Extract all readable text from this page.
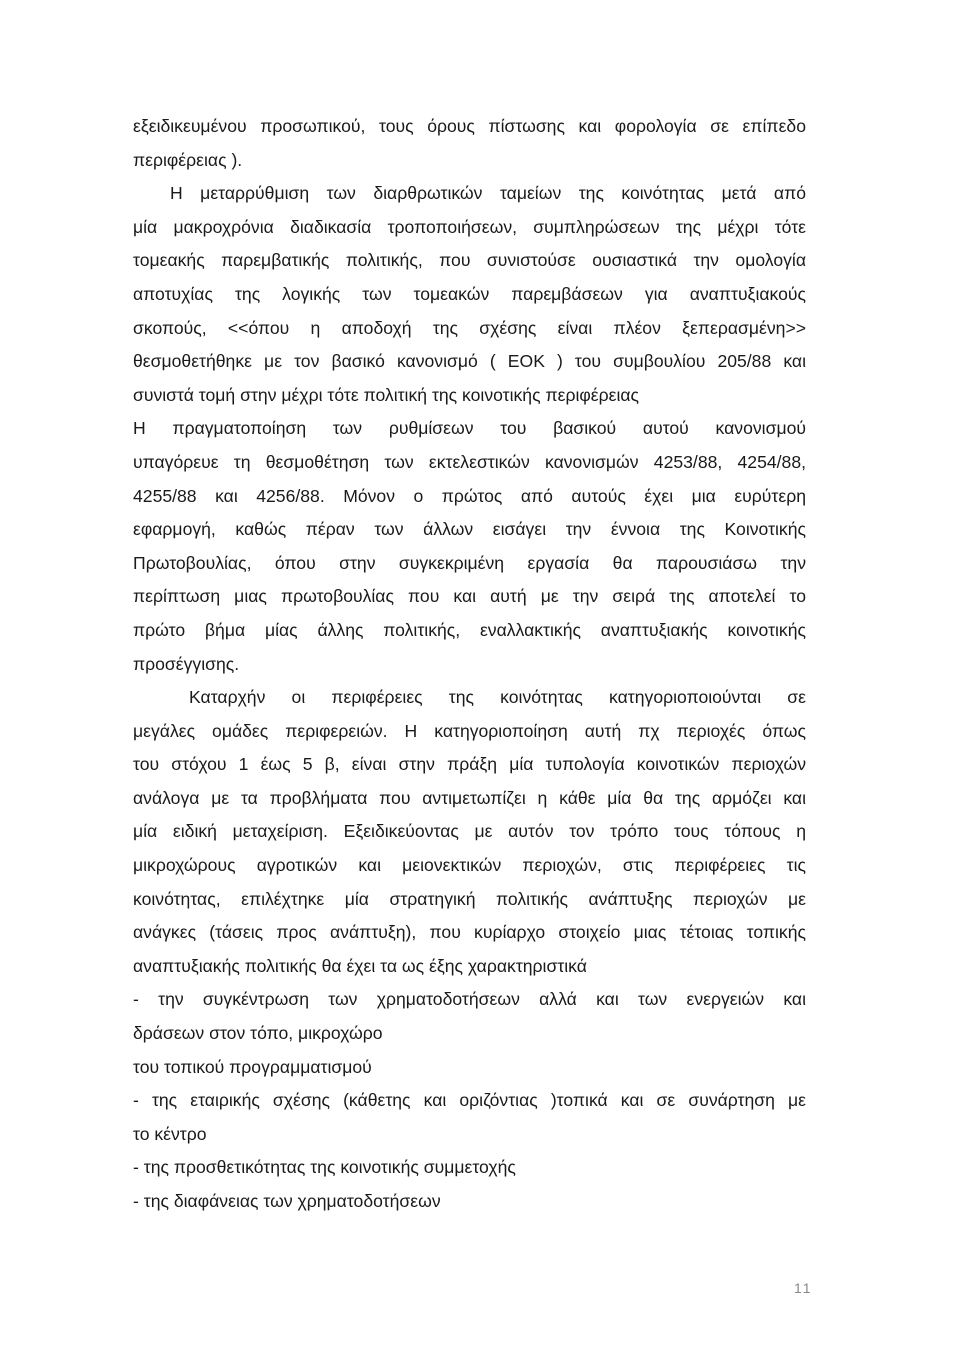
εξειδικευμένου προσωπικού, τους όρους πίστωσης και φορολογία σε επίπεδο
περιφέρειας ).
Η μεταρρύθμιση των διαρθρωτικών ταμείων της κοινότητας μετά από
μία μακροχρόνια διαδικασία τροποποιήσεων, συμπληρώσεων της μέχρι τότε
τομεακής παρεμβατικής πολιτικής, που συνιστούσε ουσιαστικά την ομολογία
αποτυχίας της λογικής των τομεακών παρεμβάσεων για αναπτυξιακούς
σκοπούς, <<όπου η αποδοχή της σχέσης είναι πλέον ξεπερασμένη>>
θεσμοθετήθηκε με τον βασικό κανονισμό ( ΕΟΚ ) του συμβουλίου 205/88 και
συνιστά τομή στην μέχρι τότε πολιτική της κοινοτικής περιφέρειας
Η πραγματοποίηση των ρυθμίσεων του βασικού αυτού κανονισμού
υπαγόρευε τη θεσμοθέτηση των εκτελεστικών κανονισμών 4253/88, 4254/88,
4255/88 και 4256/88. Μόνον ο πρώτος από αυτούς έχει μια ευρύτερη
εφαρμογή, καθώς πέραν των άλλων εισάγει την έννοια της Κοινοτικής
Πρωτοβουλίας, όπου στην συγκεκριμένη εργασία θα παρουσιάσω την
περίπτωση μιας πρωτοβουλίας που και αυτή με την σειρά της αποτελεί το
πρώτο βήμα μίας άλλης πολιτικής, εναλλακτικής αναπτυξιακής κοινοτικής
προσέγγισης.
Καταρχήν οι περιφέρειες της κοινότητας κατηγοριοποιούνται σε
μεγάλες ομάδες περιφερειών. Η κατηγοριοποίηση αυτή πχ περιοχές όπως
του στόχου 1 έως 5 β, είναι στην πράξη μία τυπολογία κοινοτικών περιοχών
ανάλογα με τα προβλήματα που αντιμετωπίζει η κάθε μία θα της αρμόζει και
μία ειδική μεταχείριση. Εξειδικεύοντας με αυτόν τον τρόπο τους τόπους η
μικροχώρους αγροτικών και μειονεκτικών περιοχών, στις περιφέρειες τις
κοινότητας, επιλέχτηκε μία στρατηγική πολιτικής ανάπτυξης περιοχών με
ανάγκες (τάσεις προς ανάπτυξη), που κυρίαρχο στοιχείο μιας τέτοιας τοπικής
αναπτυξιακής πολιτικής θα έχει τα ως έξης χαρακτηριστικά
- την συγκέντρωση των χρηματοδοτήσεων αλλά και των ενεργειών και
δράσεων στον τόπο, μικροχώρο
του τοπικού προγραμματισμού
- της εταιρικής σχέσης (κάθετης και οριζόντιας )τοπικά και σε συνάρτηση με
το κέντρο
- της προσθετικότητας της κοινοτικής συμμετοχής
- της διαφάνειας των χρηματοδοτήσεων
11
